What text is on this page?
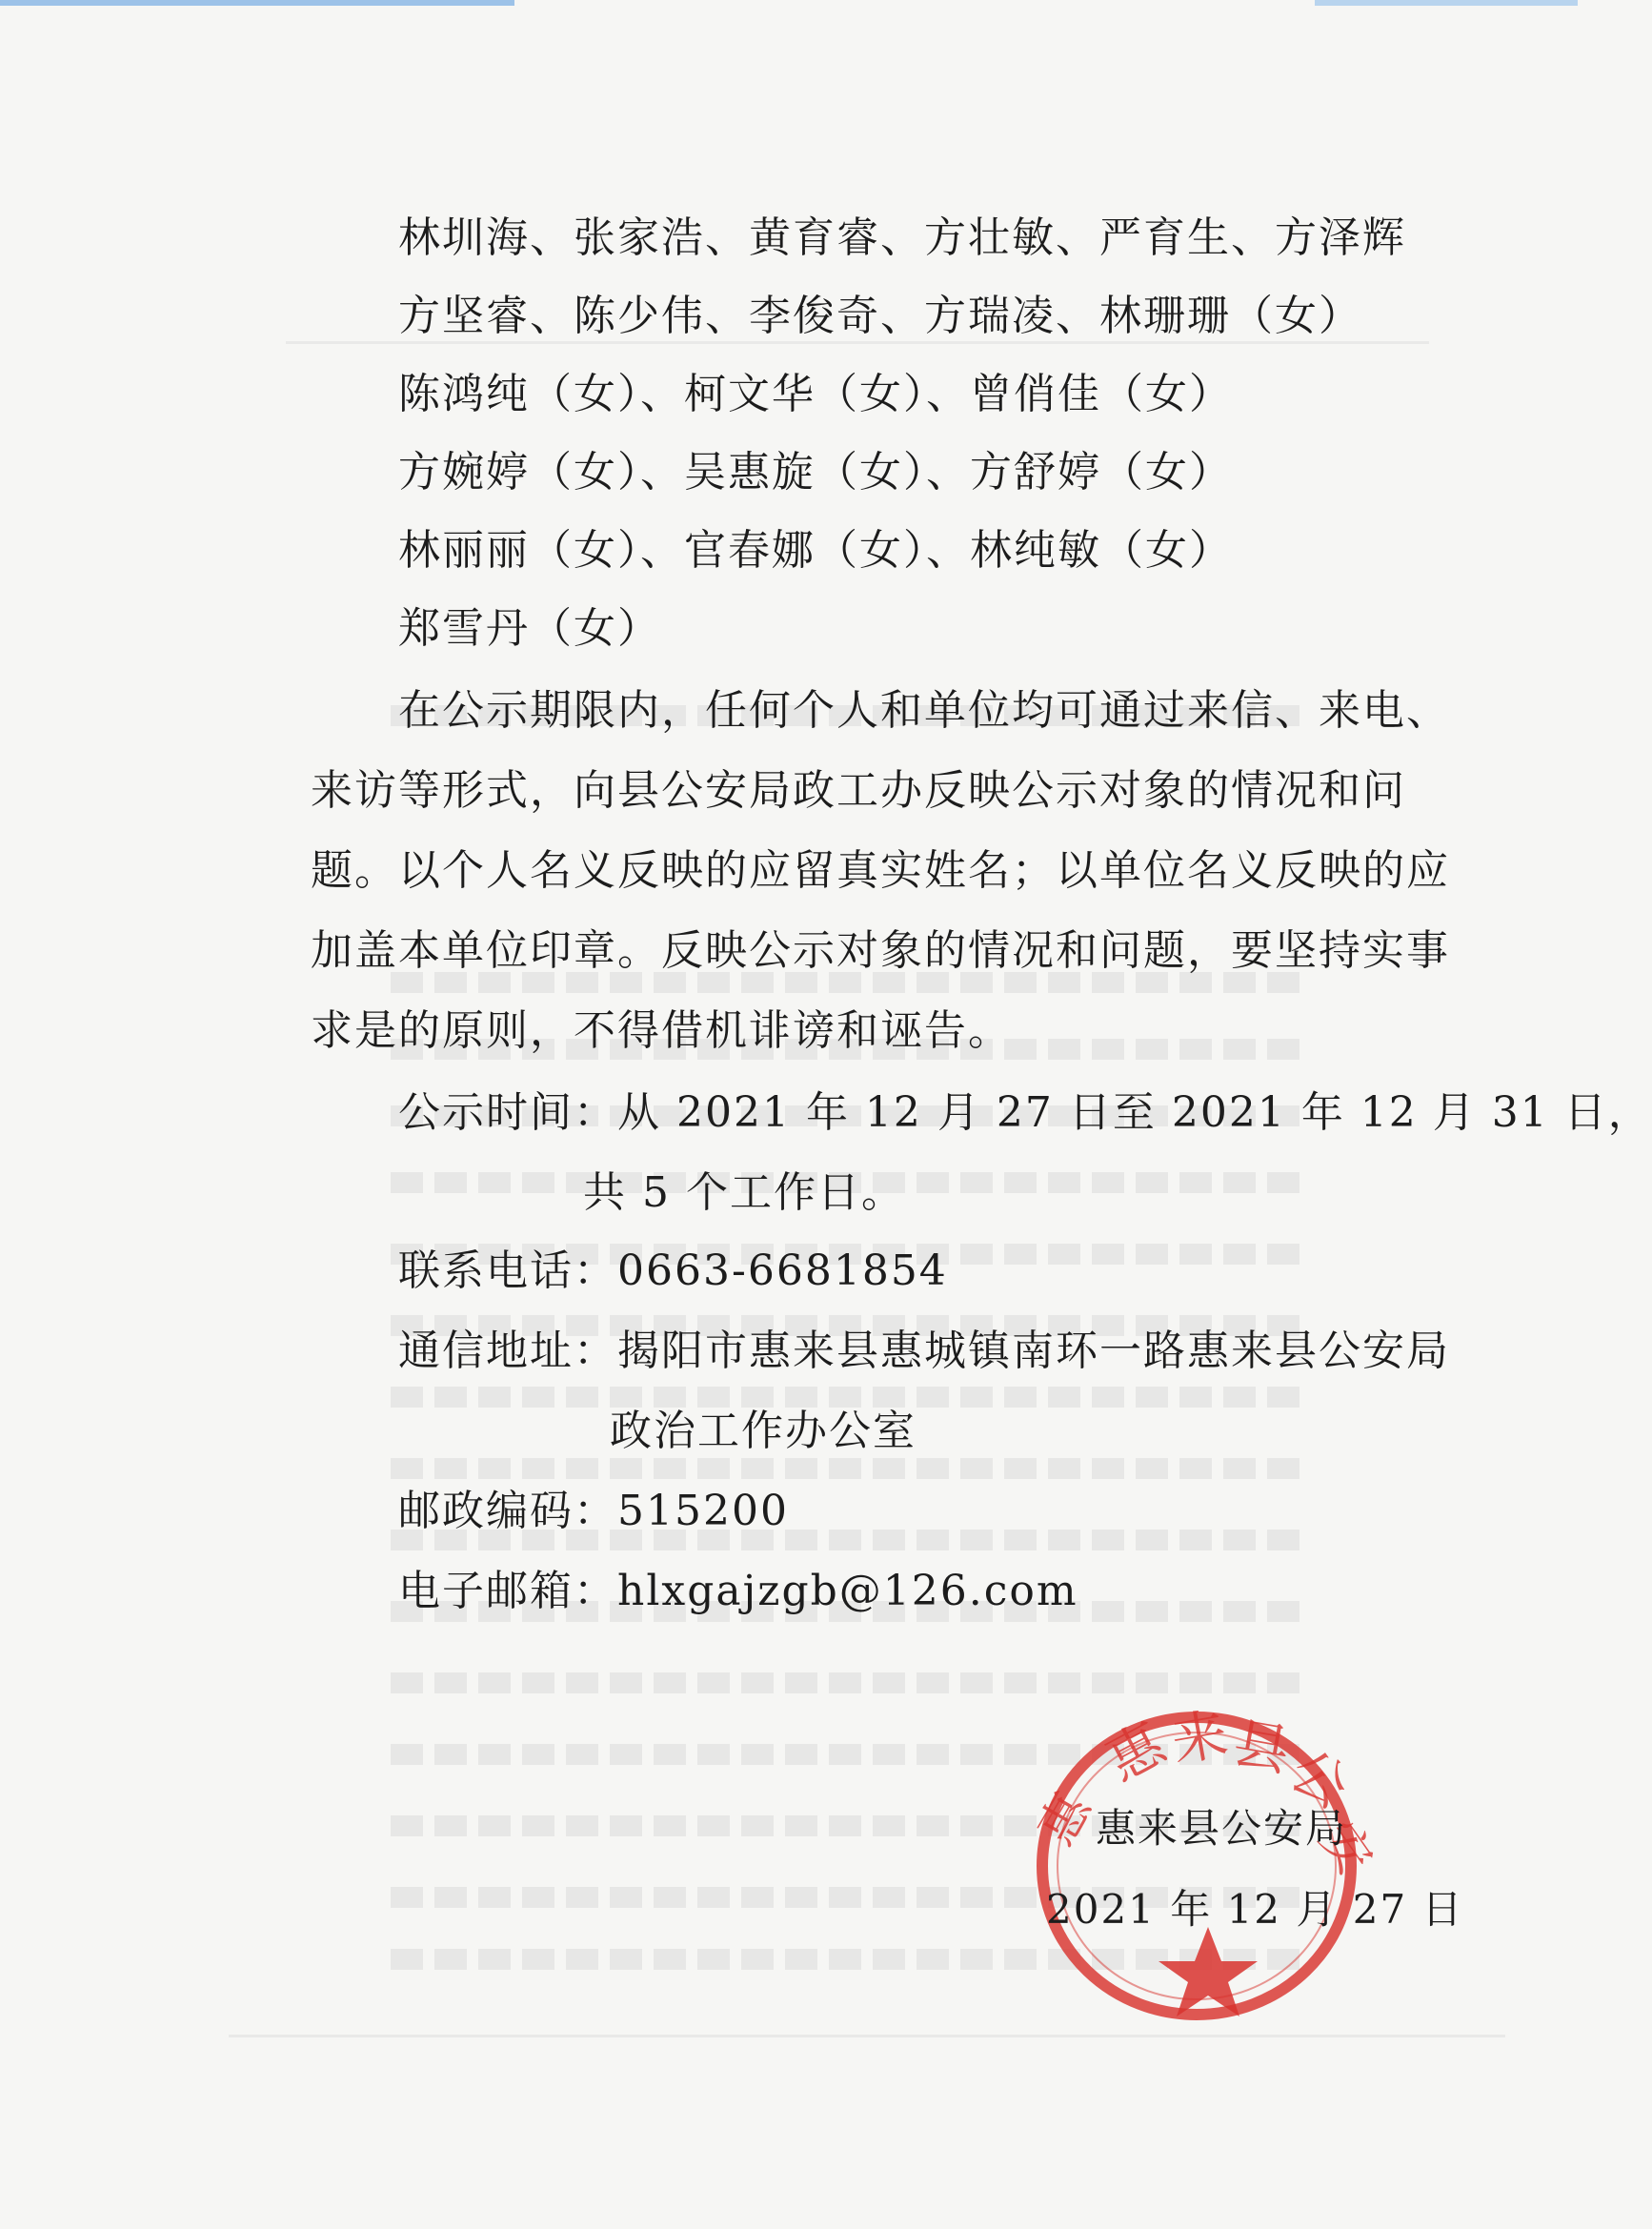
林圳海、张家浩、黄育睿、方壮敏、严育生、方泽辉
方坚睿、陈少伟、李俊奇、方瑞凌、林珊珊（女）
陈鸿纯（女）、柯文华（女）、曾俏佳（女）
方婉婷（女）、吴惠旋（女）、方舒婷（女）
林丽丽（女）、官春娜（女）、林纯敏（女）
郑雪丹（女）
在公示期限内，任何个人和单位均可通过来信、来电、
来访等形式，向县公安局政工办反映公示对象的情况和问
题。以个人名义反映的应留真实姓名；以单位名义反映的应
加盖本单位印章。反映公示对象的情况和问题，要坚持实事
求是的原则，不得借机诽谤和诬告。
公示时间：从 2021 年 12 月 27 日至 2021 年 12 月 31 日，
共 5 个工作日。
联系电话：0663-6681854
通信地址：揭阳市惠来县惠城镇南环一路惠来县公安局
政治工作办公室
邮政编码：515200
电子邮箱：hlxgajzgb@126.com
惠
来
县
公
安
惠
惠来县公安局
2021 年 12 月 27 日
